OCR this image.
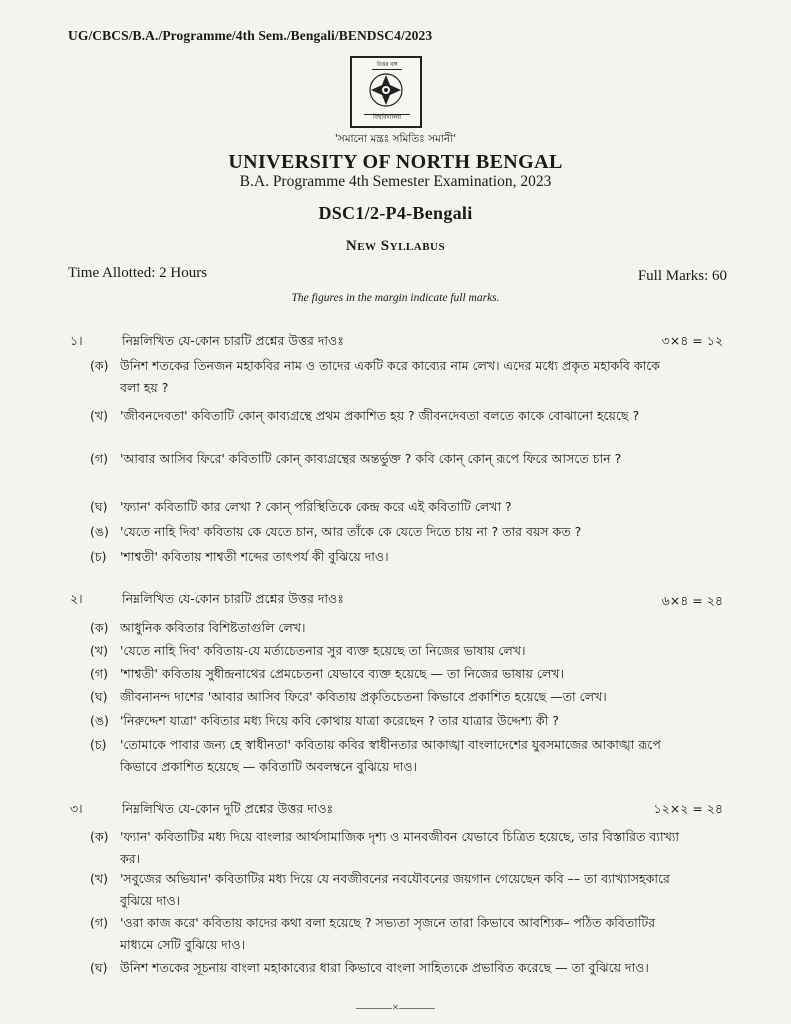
UG/CBCS/B.A./Programme/4th Sem./Bengali/BENDSC4/2023
উত্তর বঙ্গ
বিশ্ববিদ্যালয়
'সমানো মন্ত্রঃ সমিতিঃ সমানী'
UNIVERSITY OF NORTH BENGAL
B.A. Programme 4th Semester Examination, 2023
DSC1/2-P4-Bengali
New Syllabus
Time Allotted: 2 Hours	Full Marks: 60
The figures in the margin indicate full marks.
১।	নিম্নলিখিত যে-কোন চারটি প্রশ্নের উত্তর দাওঃ	৩×৪ = ১২
(ক) উনিশ শতকের তিনজন মহাকবির নাম ও তাদের একটি করে কাব্যের নাম লেখ। এদের মধ্যে প্রকৃত মহাকবি কাকে বলা হয় ?
(খ) 'জীবনদেবতা' কবিতাটি কোন্ কাব্যগ্রন্থে প্রথম প্রকাশিত হয় ? জীবনদেবতা বলতে কাকে বোঝানো হয়েছে ?
(গ) 'আবার আসিব ফিরে' কবিতাটি কোন্ কাব্যগ্রন্থের অন্তর্ভুক্ত ? কবি কোন্ কোন্ রূপে ফিরে আসতে চান ?
(ঘ) 'ফ্যান' কবিতাটি কার লেখা ? কোন্ পরিস্থিতিকে কেন্দ্র করে এই কবিতাটি লেখা ?
(ঙ) 'যেতে নাহি দিব' কবিতায় কে যেতে চান, আর তাঁকে কে যেতে দিতে চায় না ? তার বয়স কত ?
(চ) 'শাশ্বতী' কবিতায় শাশ্বতী শব্দের তাৎপর্য কী বুঝিয়ে দাও।
২।	নিম্নলিখিত যে-কোন চারটি প্রশ্নের উত্তর দাওঃ	৬×৪ = ২৪
(ক) আধুনিক কবিতার বিশিষ্টতাগুলি লেখ।
(খ) 'যেতে নাহি দিব' কবিতায়-যে মর্ত্যচেতনার সুর ব্যক্ত হয়েছে তা নিজের ভাষায় লেখ।
(গ) 'শাশ্বতী' কবিতায় সুধীন্দ্রনাথের প্রেমচেতনা যেভাবে ব্যক্ত হয়েছে — তা নিজের ভাষায় লেখ।
(ঘ) জীবনানন্দ দাশের 'আবার আসিব ফিরে' কবিতায় প্রকৃতিচেতনা কিভাবে প্রকাশিত হয়েছে —তা লেখ।
(ঙ) 'নিরুদ্দেশ যাত্রা' কবিতার মধ্য দিয়ে কবি কোথায় যাত্রা করেছেন ? তার যাত্রার উদ্দেশ্য কী ?
(চ) 'তোমাকে পাবার জন্য হে স্বাধীনতা' কবিতায় কবির স্বাধীনতার আকাঙ্খা বাংলাদেশের যুবসমাজের আকাঙ্খা রূপে কিভাবে প্রকাশিত হয়েছে — কবিতাটি অবলম্বনে বুঝিয়ে দাও।
৩।	নিম্নলিখিত যে-কোন দুটি প্রশ্নের উত্তর দাওঃ	১২×২ = ২৪
(ক) 'ফ্যান' কবিতাটির মধ্য দিয়ে বাংলার আর্থসামাজিক দৃশ্য ও মানবজীবন যেভাবে চিত্রিত হয়েছে, তার বিস্তারিত ব্যাখ্যা কর।
(খ) 'সবুজের অভিযান' কবিতাটির মধ্য দিয়ে যে নবজীবনের নবযৌবনের জয়গান গেয়েছেন কবি –– তা ব্যাখ্যাসহকারে বুঝিয়ে দাও।
(গ) 'ওরা কাজ করে' কবিতায় কাদের কথা বলা হয়েছে ? সভ্যতা সৃজনে তারা কিভাবে আবশ্যিক– পঠিত কবিতাটির মাধ্যমে সেটি বুঝিয়ে দাও।
(ঘ) উনিশ শতকের সূচনায় বাংলা মহাকাব্যের ধারা কিভাবে বাংলা সাহিত্যকে প্রভাবিত করেছে — তা বুঝিয়ে দাও।
———×———
